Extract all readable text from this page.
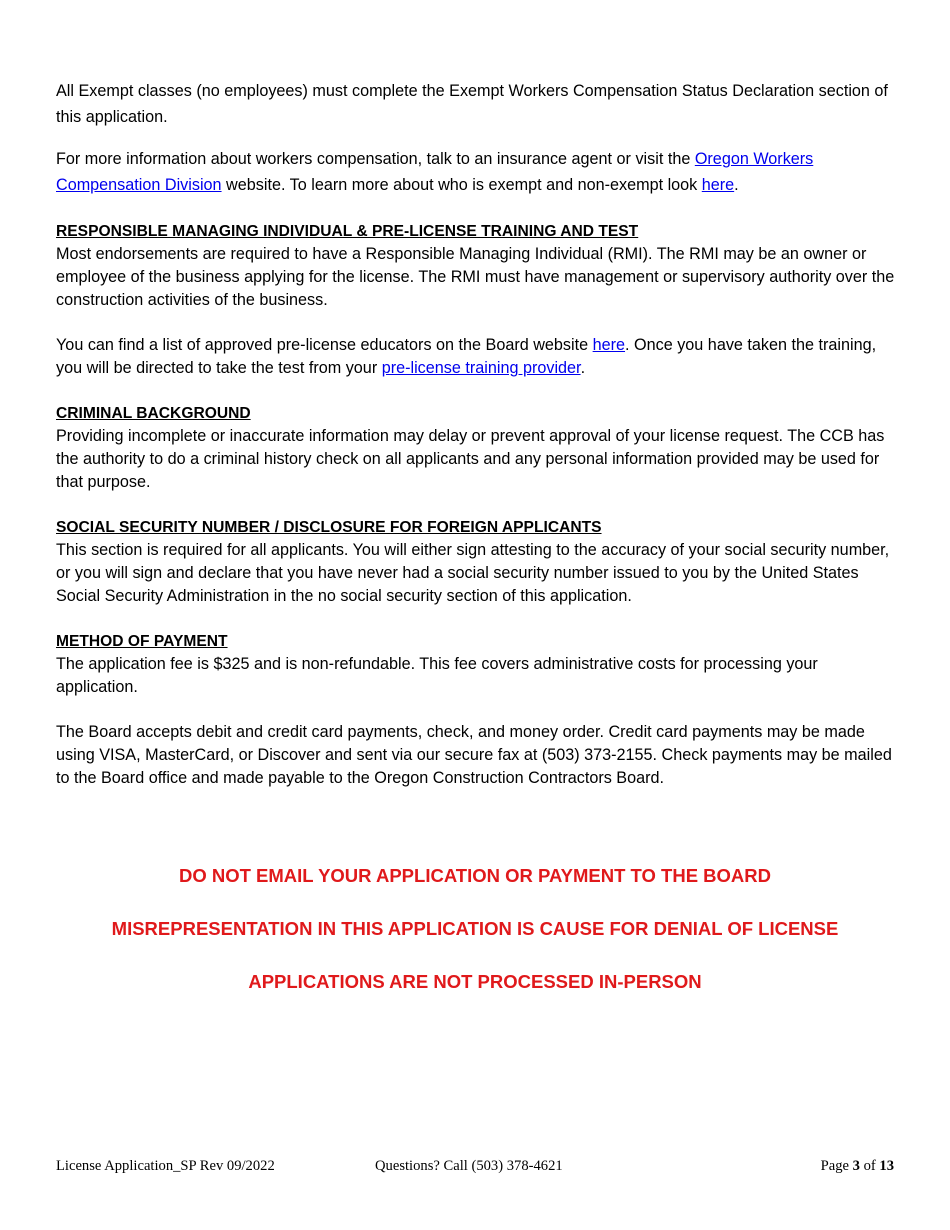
All Exempt classes (no employees) must complete the Exempt Workers Compensation Status Declaration section of this application.

For more information about workers compensation, talk to an insurance agent or visit the Oregon Workers Compensation Division website. To learn more about who is exempt and non-exempt look here.

RESPONSIBLE MANAGING INDIVIDUAL & PRE-LICENSE TRAINING AND TEST

Most endorsements are required to have a Responsible Managing Individual (RMI). The RMI may be an owner or employee of the business applying for the license. The RMI must have management or supervisory authority over the construction activities of the business.

You can find a list of approved pre-license educators on the Board website here. Once you have taken the training, you will be directed to take the test from your pre-license training provider.

CRIMINAL BACKGROUND

Providing incomplete or inaccurate information may delay or prevent approval of your license request. The CCB has the authority to do a criminal history check on all applicants and any personal information provided may be used for that purpose.

SOCIAL SECURITY NUMBER / DISCLOSURE FOR FOREIGN APPLICANTS

This section is required for all applicants. You will either sign attesting to the accuracy of your social security number, or you will sign and declare that you have never had a social security number issued to you by the United States Social Security Administration in the no social security section of this application.

METHOD OF PAYMENT

The application fee is $325 and is non-refundable. This fee covers administrative costs for processing your application.

The Board accepts debit and credit card payments, check, and money order. Credit card payments may be made using VISA, MasterCard, or Discover and sent via our secure fax at (503) 373-2155. Check payments may be mailed to the Board office and made payable to the Oregon Construction Contractors Board.

DO NOT EMAIL YOUR APPLICATION OR PAYMENT TO THE BOARD

MISREPRESENTATION IN THIS APPLICATION IS CAUSE FOR DENIAL OF LICENSE

APPLICATIONS ARE NOT PROCESSED IN-PERSON

License Application_SP Rev 09/2022	Questions? Call (503) 378-4621	Page 3 of 13
